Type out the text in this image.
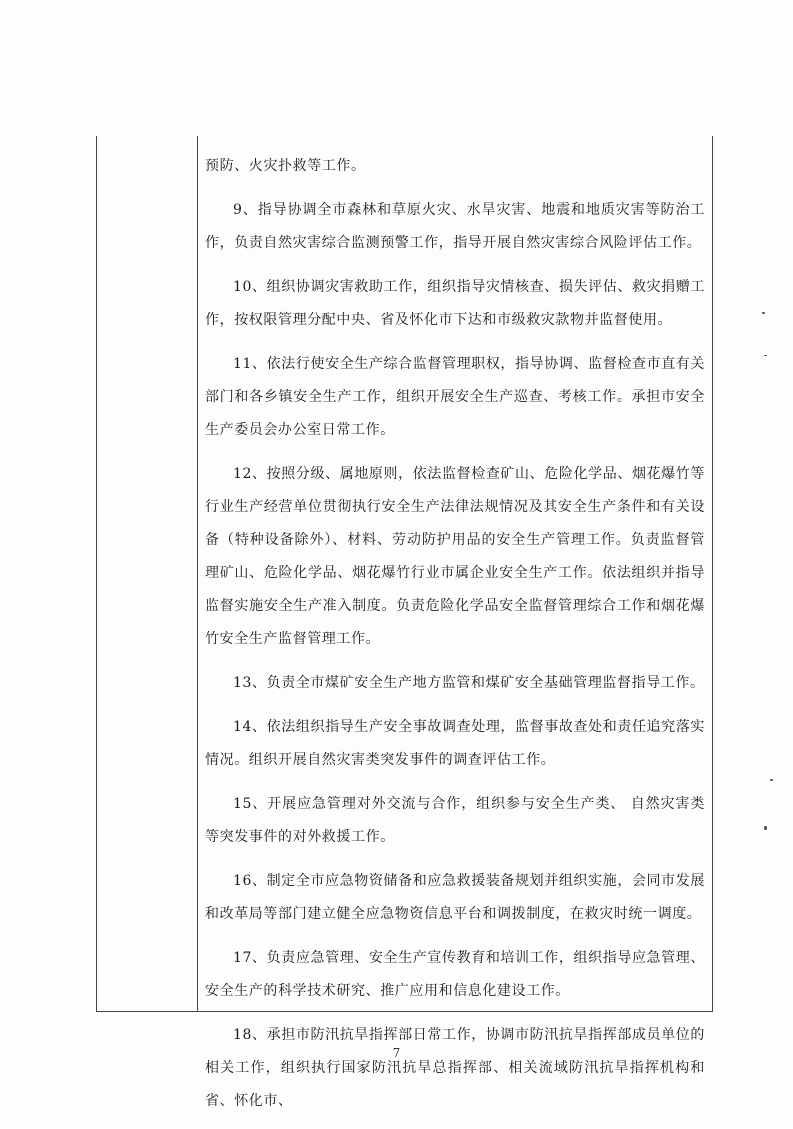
预防、火灾扑救等工作。

9、指导协调全市森林和草原火灾、水旱灾害、地震和地质灾害等防治工作，负责自然灾害综合监测预警工作，指导开展自然灾害综合风险评估工作。

10、组织协调灾害救助工作，组织指导灾情核查、损失评估、救灾捐赠工作，按权限管理分配中央、省及怀化市下达和市级救灾款物并监督使用。

11、依法行使安全生产综合监督管理职权，指导协调、监督检查市直有关部门和各乡镇安全生产工作，组织开展安全生产巡查、考核工作。承担市安全生产委员会办公室日常工作。

12、按照分级、属地原则，依法监督检查矿山、危险化学品、烟花爆竹等行业生产经营单位贯彻执行安全生产法律法规情况及其安全生产条件和有关设备（特种设备除外）、材料、劳动防护用品的安全生产管理工作。负责监督管理矿山、危险化学品、烟花爆竹行业市属企业安全生产工作。依法组织并指导监督实施安全生产准入制度。负责危险化学品安全监督管理综合工作和烟花爆竹安全生产监督管理工作。

13、负责全市煤矿安全生产地方监管和煤矿安全基础管理监督指导工作。

14、依法组织指导生产安全事故调查处理，监督事故查处和责任追究落实情况。组织开展自然灾害类突发事件的调查评估工作。

15、开展应急管理对外交流与合作，组织参与安全生产类、 自然灾害类等突发事件的对外救援工作。

16、制定全市应急物资储备和应急救援装备规划并组织实施，会同市发展和改革局等部门建立健全应急物资信息平台和调拨制度，在救灾时统一调度。

17、负责应急管理、安全生产宣传教育和培训工作，组织指导应急管理、安全生产的科学技术研究、推广应用和信息化建设工作。

18、承担市防汛抗旱指挥部日常工作，协调市防汛抗旱指挥部成员单位的相关工作，组织执行国家防汛抗旱总指挥部、相关流域防汛抗旱指挥机构和省、怀化市、

7
